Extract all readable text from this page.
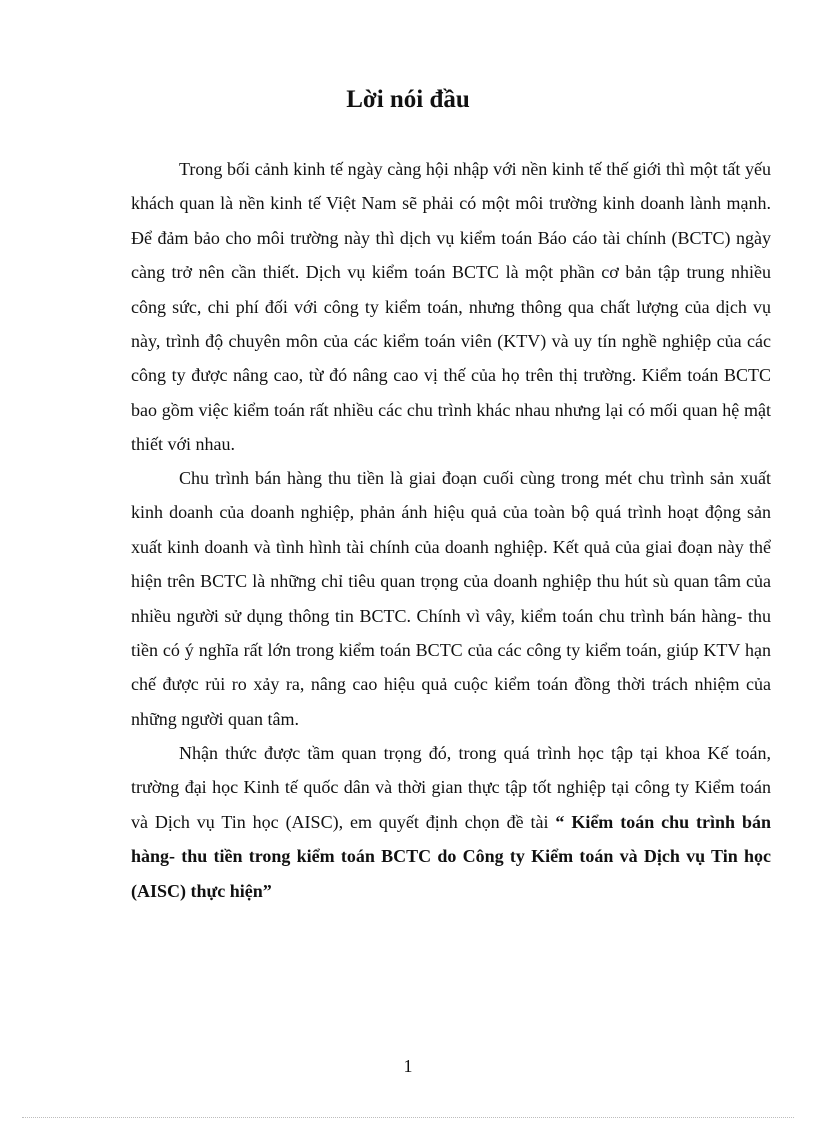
Lời nói đầu

Trong bối cảnh kinh tế ngày càng hội nhập với nền kinh tế thế giới thì một tất yếu khách quan là nền kinh tế Việt Nam sẽ phải có một môi trường kinh doanh lành mạnh. Để đảm bảo cho môi trường này thì dịch vụ kiểm toán Báo cáo tài chính (BCTC) ngày càng trở nên cần thiết. Dịch vụ kiểm toán BCTC là một phần cơ bản tập trung nhiều công sức, chi phí đối với công ty kiểm toán, nhưng thông qua chất lượng của dịch vụ này, trình độ chuyên môn của các kiểm toán viên (KTV) và uy tín nghề nghiệp của các công ty được nâng cao, từ đó nâng cao vị thế của họ trên thị trường. Kiểm toán BCTC bao gồm việc kiểm toán rất nhiều các chu trình khác nhau nhưng lại có mối quan hệ mật thiết với nhau.

Chu trình bán hàng thu tiền là giai đoạn cuối cùng trong mét chu trình sản xuất kinh doanh của doanh nghiệp, phản ánh hiệu quả của toàn bộ quá trình hoạt động sản xuất kinh doanh và tình hình tài chính của doanh nghiệp. Kết quả của giai đoạn này thể hiện trên BCTC là những chỉ tiêu quan trọng của doanh nghiệp thu hút sù quan tâm của nhiều người sử dụng thông tin BCTC. Chính vì vây, kiểm toán chu trình bán hàng- thu tiền có ý nghĩa rất lớn trong kiểm toán BCTC của các công ty kiểm toán, giúp KTV hạn chế được rủi ro xảy ra, nâng cao hiệu quả cuộc kiểm toán đồng thời trách nhiệm của những người quan tâm.

Nhận thức được tầm quan trọng đó, trong quá trình học tập tại khoa Kế toán, trường đại học Kinh tế quốc dân và thời gian thực tập tốt nghiệp tại công ty Kiểm toán và Dịch vụ Tin học (AISC), em quyết định chọn đề tài “ Kiểm toán chu trình bán hàng- thu tiền trong kiểm toán BCTC do Công ty Kiểm toán và Dịch vụ Tin học (AISC) thực hiện”

1
